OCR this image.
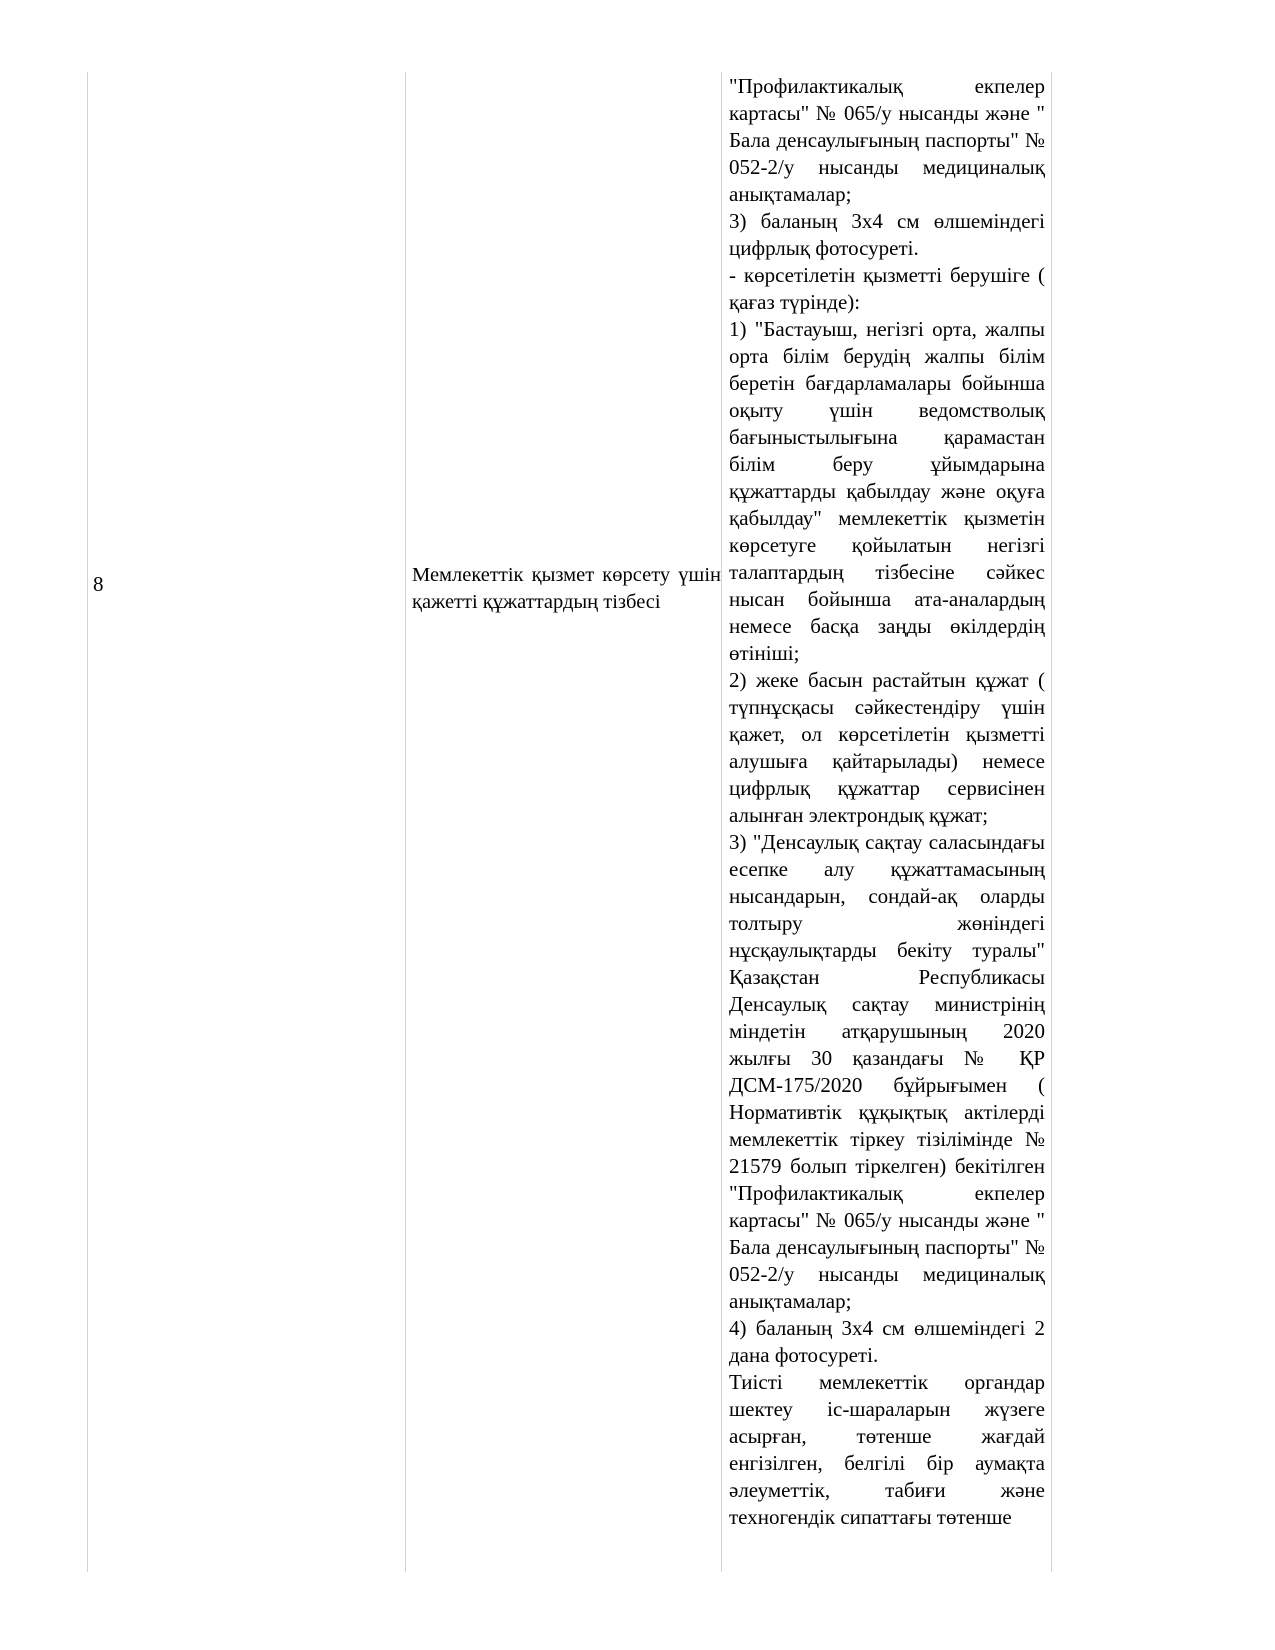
8	Мемлекеттік қызмет көрсету үшін қажетті құжаттардың тізбесі

"Профилактикалық екпелер картасы" № 065/у нысанды және " Бала денсаулығының паспорты" № 052-2/у нысанды медициналық анықтамалар;

3) баланың 3х4 см өлшеміндегі цифрлық фотосуреті.

- көрсетілетін қызметті берушіге ( қағаз түрінде):

1) "Бастауыш, негізгі орта, жалпы орта білім берудің жалпы білім беретін бағдарламалары бойынша оқыту үшін ведомстволық бағыныстылығына қарамастан білім беру ұйымдарына құжаттарды қабылдау және оқуға қабылдау" мемлекеттік қызметін көрсетуге қойылатын негізгі талаптардың тізбесіне сәйкес нысан бойынша ата-аналардың немесе басқа заңды өкілдердің өтініші;

2) жеке басын растайтын құжат ( түпнұсқасы сәйкестендіру үшін қажет, ол көрсетілетін қызметті алушыға қайтарылады) немесе цифрлық құжаттар сервисінен алынған электрондық құжат;

3) "Денсаулық сақтау саласындағы есепке алу құжаттамасының нысандарын, сондай-ақ оларды толтыру жөніндегі нұсқаулықтарды бекіту туралы" Қазақстан Республикасы Денсаулық сақтау министрінің міндетін атқарушының 2020 жылғы 30 қазандағы № ҚР ДСМ-175/2020 бұйрығымен ( Нормативтік құқықтық актілерді мемлекеттік тіркеу тізілімінде № 21579 болып тіркелген) бекітілген "Профилактикалық екпелер картасы" № 065/у нысанды және " Бала денсаулығының паспорты" № 052-2/у нысанды медициналық анықтамалар;

4) баланың 3х4 см өлшеміндегі 2 дана фотосуреті.

Тиісті мемлекеттік органдар шектеу іс-шараларын жүзеге асырған, төтенше жағдай енгізілген, белгілі бір аумақта әлеуметтік, табиғи және техногендік сипаттағы төтенше
